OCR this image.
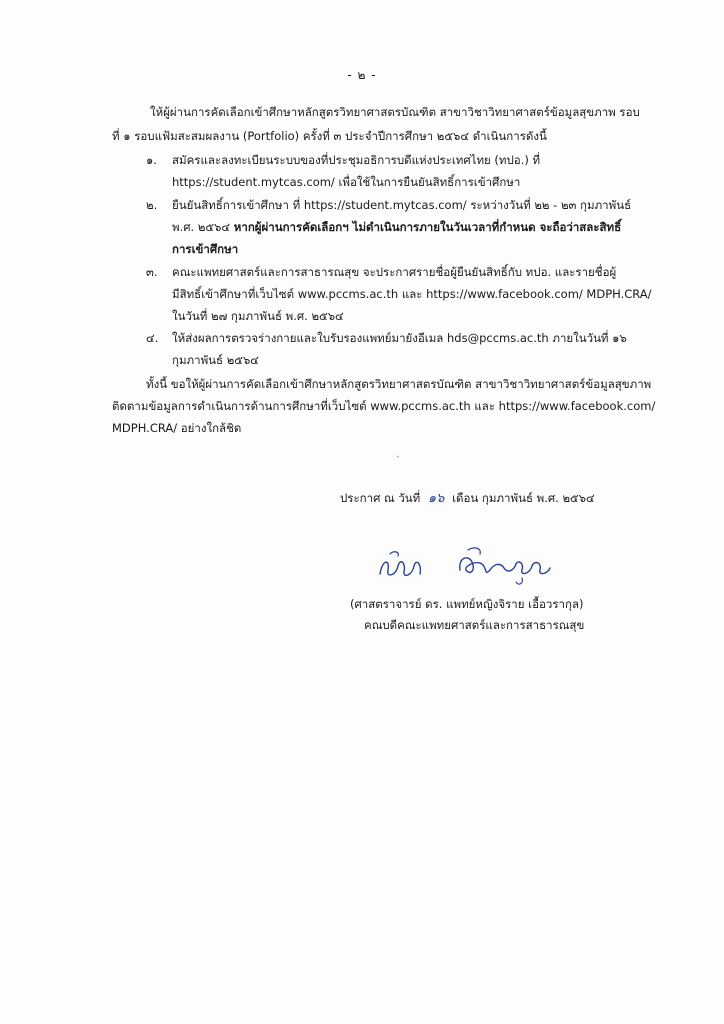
- ๒ -
ให้ผู้ผ่านการคัดเลือกเข้าศึกษาหลักสูตรวิทยาศาสตรบัณฑิต สาขาวิชาวิทยาศาสตร์ข้อมูลสุขภาพ รอบ
ที่ ๑ รอบแฟ้มสะสมผลงาน (Portfolio) ครั้งที่ ๓ ประจำปีการศึกษา ๒๕๖๔ ดำเนินการดังนี้
๑. สมัครและลงทะเบียนระบบของที่ประชุมอธิการบดีแห่งประเทศไทย (ทปอ.) ที่
https://student.mytcas.com/ เพื่อใช้ในการยืนยันสิทธิ์การเข้าศึกษา
๒. ยืนยันสิทธิ์การเข้าศึกษา ที่ https://student.mytcas.com/ ระหว่างวันที่ ๒๒ - ๒๓ กุมภาพันธ์
พ.ศ. ๒๕๖๔ หากผู้ผ่านการคัดเลือกฯ ไม่ดำเนินการภายในวันเวลาที่กำหนด จะถือว่าสละสิทธิ์
การเข้าศึกษา
๓. คณะแพทยศาสตร์และการสาธารณสุข จะประกาศรายชื่อผู้ยืนยันสิทธิ์กับ ทปอ. และรายชื่อผู้
มีสิทธิ์เข้าศึกษาที่เว็บไซต์ www.pccms.ac.th และ https://www.facebook.com/ MDPH.CRA/
ในวันที่ ๒๗ กุมภาพันธ์ พ.ศ. ๒๕๖๔
๔. ให้ส่งผลการตรวจร่างกายและใบรับรองแพทย์มายังอีเมล hds@pccms.ac.th ภายในวันที่ ๑๖
กุมภาพันธ์ ๒๕๖๔
ทั้งนี้ ขอให้ผู้ผ่านการคัดเลือกเข้าศึกษาหลักสูตรวิทยาศาสตรบัณฑิต สาขาวิชาวิทยาศาสตร์ข้อมูลสุขภาพ
ติดตามข้อมูลการดำเนินการด้านการศึกษาที่เว็บไซต์ www.pccms.ac.th และ https://www.facebook.com/
MDPH.CRA/ อย่างใกล้ชิด
ˋ
ประกาศ ณ วันที่ ๑๖ เดือน กุมภาพันธ์ พ.ศ. ๒๕๖๔
(ศาสตราจารย์ ดร. แพทย์หญิงจิราย เอื้อวรากุล)
คณบดีคณะแพทยศาสตร์และการสาธารณสุข
